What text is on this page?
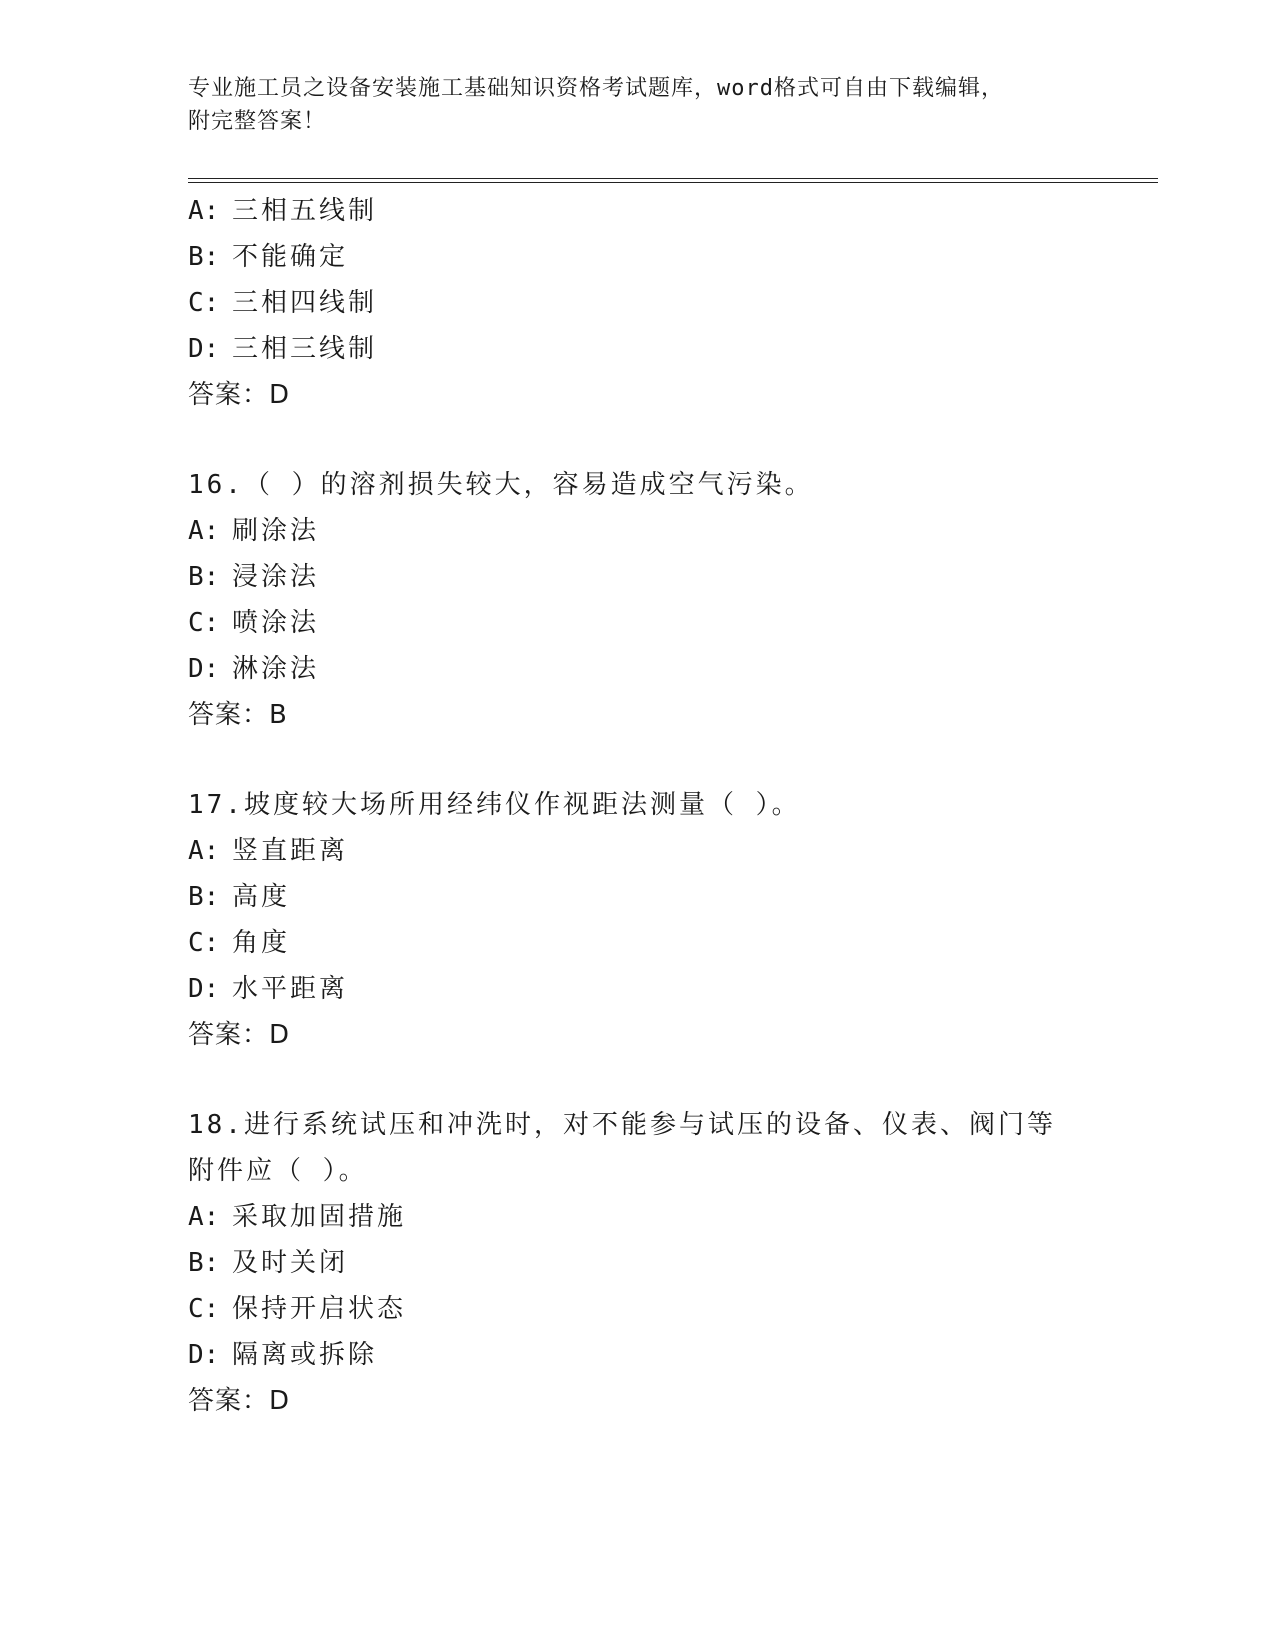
专业施工员之设备安装施工基础知识资格考试题库，word格式可自由下载编辑，
附完整答案！
A: 三相五线制
B: 不能确定
C: 三相四线制
D: 三相三线制
答案：D
16.（ ）的溶剂损失较大，容易造成空气污染。
A: 刷涂法
B: 浸涂法
C: 喷涂法
D: 淋涂法
答案：B
17.坡度较大场所用经纬仪作视距法测量（ ）。
A: 竖直距离
B: 高度
C: 角度
D: 水平距离
答案：D
18.进行系统试压和冲洗时，对不能参与试压的设备、仪表、阀门等附件应（ ）。
A: 采取加固措施
B: 及时关闭
C: 保持开启状态
D: 隔离或拆除
答案：D
